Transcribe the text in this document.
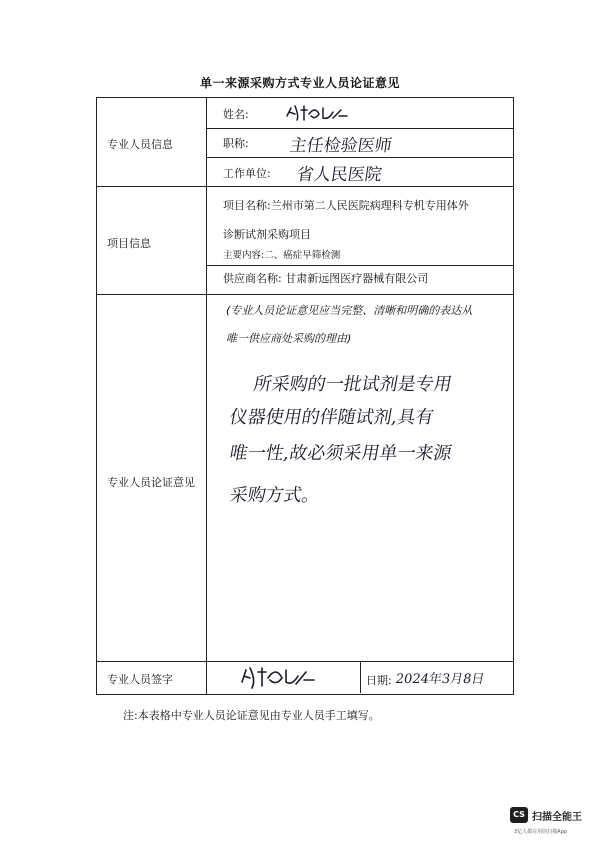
单一来源采购方式专业人员论证意见
专业人员信息
项目信息
专业人员论证意见
专业人员签字
姓名:
职称: 主任检验医师
工作单位: 省人民医院
项目名称:兰州市第二人民医院病理科专机专用体外
诊断试剂采购项目
主要内容:二、癌症早筛检测
供应商名称: 甘肃新远图医疗器械有限公司
(专业人员论证意见应当完整、清晰和明确的表达从
唯一供应商处采购的理由)
所采购的一批试剂是专用
仪器使用的伴随试剂,具有
唯一性,故必须采用单一来源
采购方式。
日期: 2024年3月8日
注:本表格中专业人员论证意见由专业人员手工填写。
CS 扫描全能王
3亿人都在用的扫描App
